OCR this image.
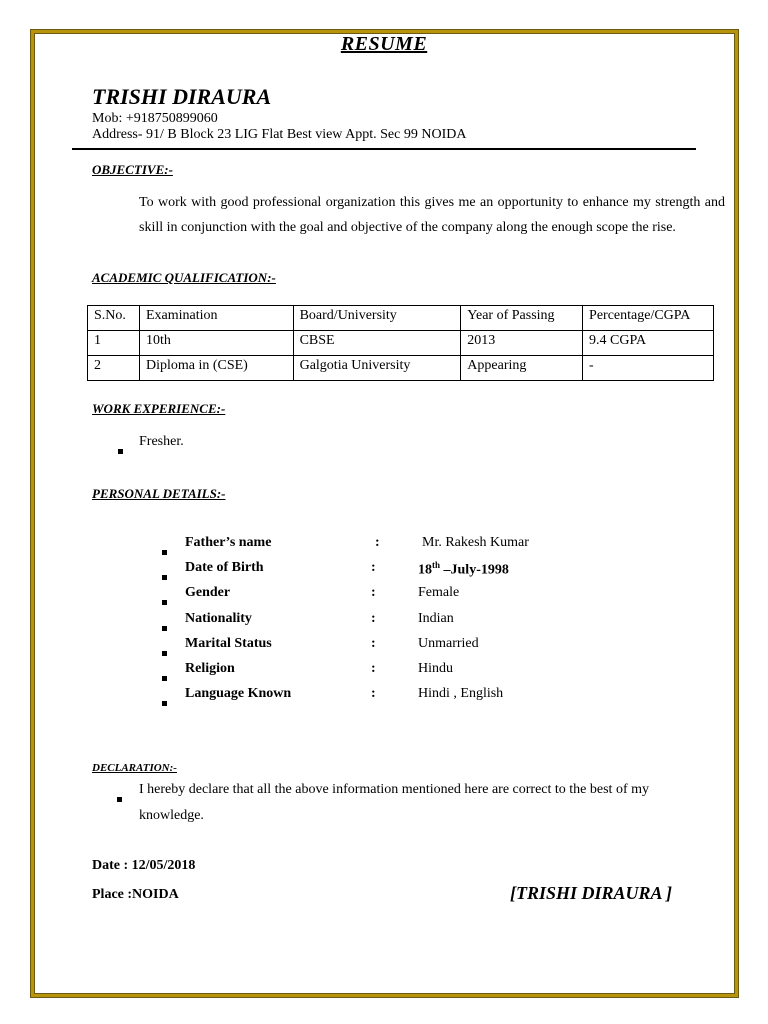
RESUME
TRISHI DIRAURA
Mob: +918750899060
Address- 91/ B Block 23 LIG Flat Best view Appt. Sec 99 NOIDA
OBJECTIVE:-
To work with good professional organization this gives me an opportunity to enhance my strength and skill in conjunction with the goal and objective of the company along the enough scope the rise.
ACADEMIC QUALIFICATION:-
S.No.	Examination	Board/University	Year of Passing	Percentage/CGPA
1	10th	CBSE	2013	9.4 CGPA
2	Diploma in (CSE)	Galgotia University	Appearing	-
WORK EXPERIENCE:-
Fresher.
PERSONAL DETAILS:-
Father’s name	:	Mr. Rakesh Kumar
Date of Birth	:	18th –July-1998
Gender	:	Female
Nationality	:	Indian
Marital Status	:	Unmarried
Religion	:	Hindu
Language Known	:	Hindi , English
DECLARATION:-
I hereby declare that all the above information mentioned here are correct to the best of my
knowledge.
Date : 12/05/2018
Place :NOIDA	[TRISHI DIRAURA ]
